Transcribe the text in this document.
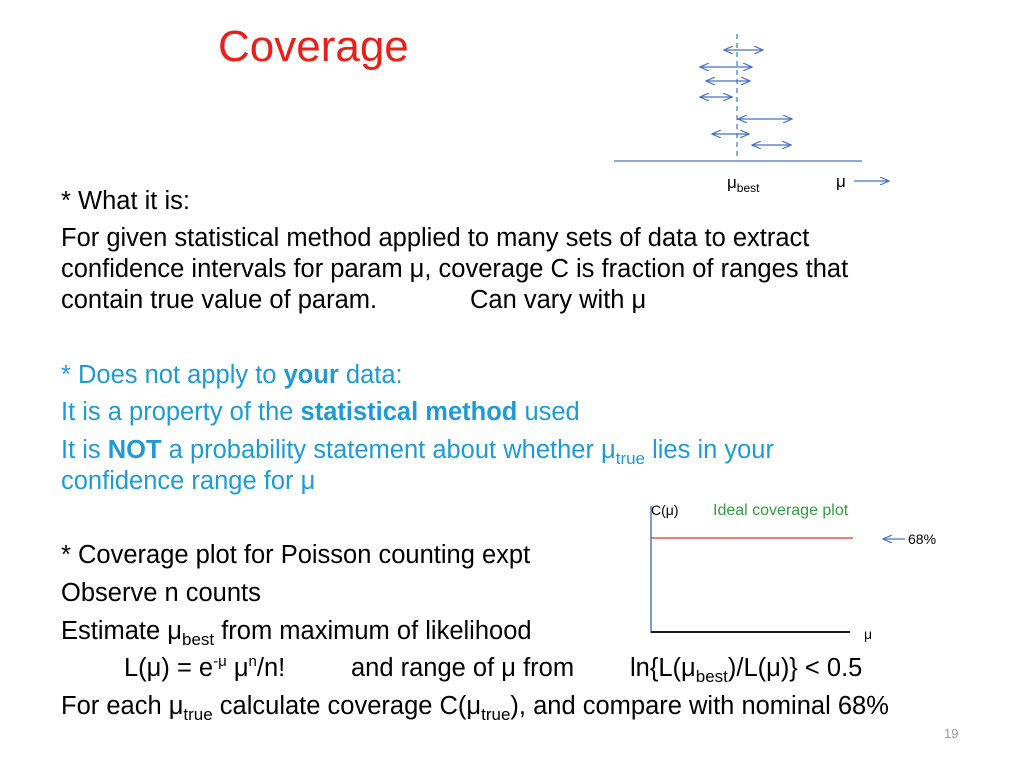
Coverage
$\mu_{best}$	μ
* What it is:
For given statistical method applied to many sets of data to extract
confidence intervals for param μ, coverage C is fraction of ranges that
contain true value of param.	Can vary with μ
* Does not apply to your data:
It is a property of the statistical method used
It is NOT a probability statement about whether $\mu_{true}$ lies in your
confidence range for μ
C(μ) Ideal coverage plot
68%
μ
* Coverage plot for Poisson counting expt
Observe n counts
Estimate $\mu_{best}$ from maximum of likelihood
$L(\mu) = e^{-\mu}$ $\mu^n/n$!	and range of μ from $\ln\{L(\mu_{best})/L(\mu)\} < 0.5$
For each $\mu_{true}$ calculate coverage $C(\mu_{true})$, and compare with nominal 68%
19
